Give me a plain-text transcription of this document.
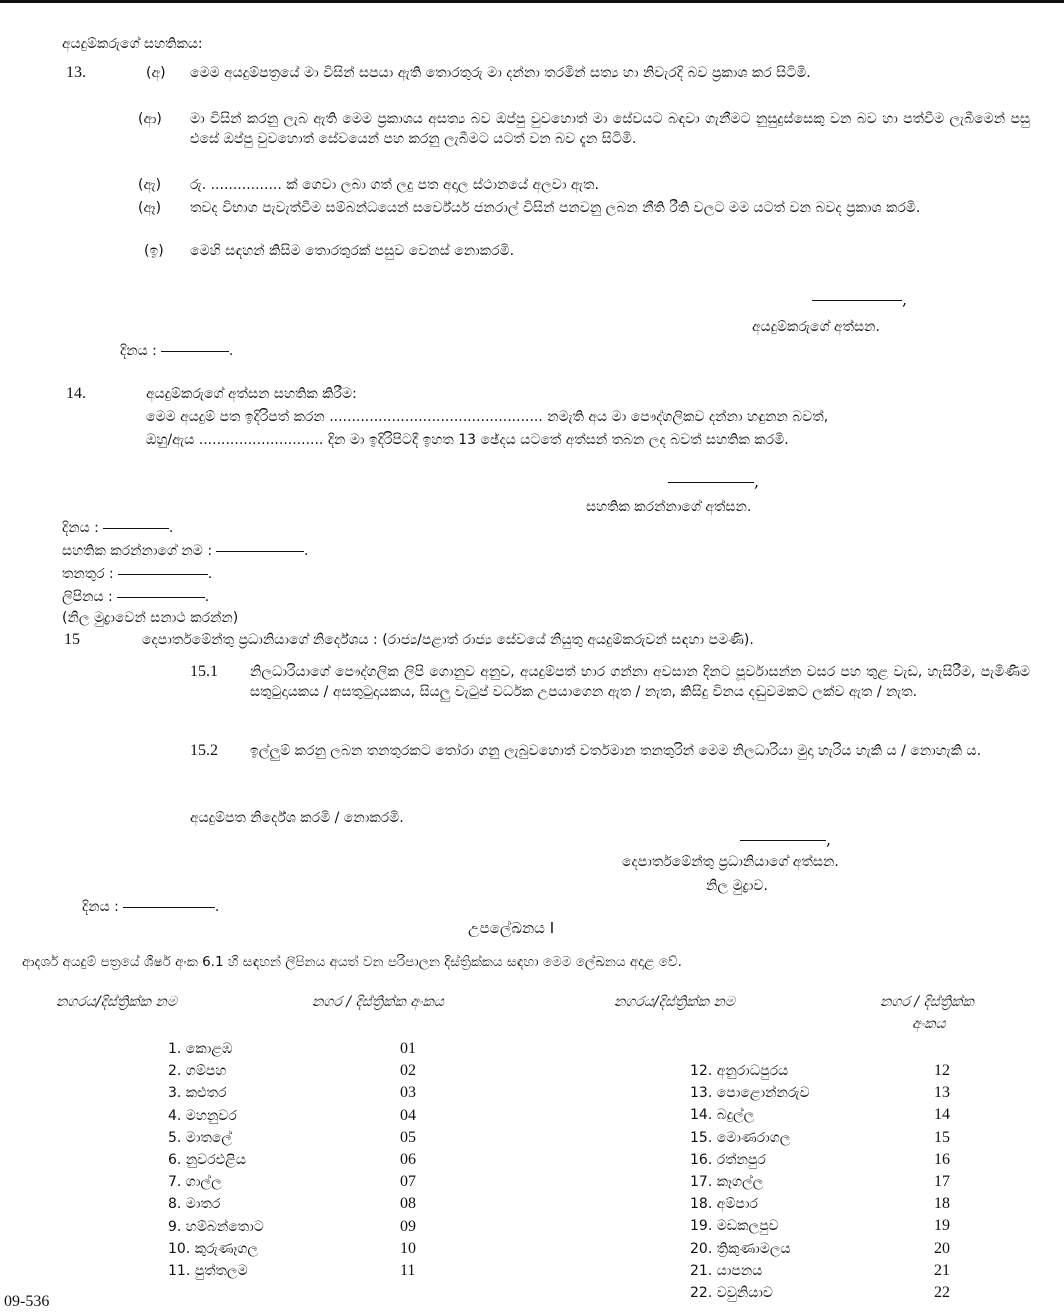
අයදුම්කරුගේ සහතිකය:
13.	(අ) මෙම අයදුම්පත්‍රයේ මා විසින් සපයා ඇති තොරතුරු මා දන්නා තරමින් සත්‍ය හා නිවැරදි බව ප්‍රකාශ කර සිටිමි.
(ආ) මා විසින් කරනු ලැබ ඇති මෙම ප්‍රකාශය අසත්‍ය බව ඔප්පු වුවහොත් මා සේවයට බඳවා ගැනීමට නුසුදුස්සෙකු වන බව හා පත්වීම ලැබීමෙන් පසු එසේ ඔප්පු වුවහොත් සේවයෙන් පහ කරනු ලැබීමට යටත් වන බව දැන සිටිමි.
(ඇ) රු. ................ ක් ගෙවා ලබා ගත් ලදු පත අදාල ස්ථානයේ අලවා ඇත.
(ඈ) තවද විභාග පැවැත්වීම සම්බන්ධයෙන් සර්වේයර් ජනරාල් විසින් පනවනු ලබන නීති රීති වලට මම යටත් වන බවද ප්‍රකාශ කරමි.
(ඉ) මෙහි සඳහන් කිසිම තොරතුරක් පසුව වෙනස් නොකරමි.
,
අයදුම්කරුගේ අත්සන.
දිනය :	.
14.	අයදුම්කරුගේ අත්සන සහතික කිරීම:
මෙම අයදුම් පත ඉදිරිපත් කරන ................................................ නමැති අය මා පෞද්ගලිකව දන්නා හඳුනන බවත්,
ඔහු/ඇය ............................ දින මා ඉදිරිපිටදී ඉහත 13 ඡේදය යටතේ අත්සන් තබන ලද බවත් සහතික කරමි.
,
සහතික කරන්නාගේ අත්සන.
දිනය :	.
සහතික කරන්නාගේ නම :	.
තනතුර :	.
ලිපිනය :	.
(නිල මුද්‍රාවෙන් සනාථ කරන්න)
15	දෙපාර්තමේන්තු ප්‍රධානියාගේ නිර්දේශය : (රාජ්‍ය/පළාත් රාජ්‍ය සේවයේ නියුතු අයදුම්කරුවන් සඳහා පමණි).
15.1 නිලධාරියාගේ පෞද්ගලික ලිපි ගොනුව අනුව, අයදුම්පත් භාර ගන්නා අවසාන දිනට පූර්වාසන්න වසර පහ තුළ වැඩ, හැසිරීම, පැමිණීම සතුටුදායකය / අසතුටුදායකය, සියලු වැටුප් වර්ධක උපයාගෙන ඇත / නැත, කිසිදු විනය දඬුවමකට ලක්ව ඇත / නැත.
15.2 ඉල්ලුම් කරනු ලබන තනතුරකට තෝරා ගනු ලැබුවහොත් වර්තමාන තනතුරින් මෙම නිලධාරියා මුදා හැරිය හැකි ය / නොහැකි ය.
අයදුම්පත නිර්දේශ කරමි / නොකරමි.
,
දෙපාර්තමේන්තු ප්‍රධානියාගේ අත්සන.
නිල මුද්‍රාව.
දිනය :	.
උපලේඛනය I
ආදර්ශ අයදුම් පත්‍රයේ ශීර්ෂ අංක 6.1 හි සඳහන් ලිපිනය අයත් වන පරිපාලන දිස්ත්‍රික්කය සඳහා මෙම ලේඛනය අදාළ වේ.
නගරය/දිස්ත්‍රික්ක නම	නගර / දිස්ත්‍රික්ක අංකය	නගරය/දිස්ත්‍රික්ක නම	නගර / දිස්ත්‍රික්ක
අංකය
1. කොළඹ	01
2. ගම්පහ	02
3. කළුතර	03
4. මහනුවර	04
5. මාතලේ	05
6. නුවරඑළිය	06
7. ගාල්ල	07
8. මාතර	08
9. හම්බන්තොට	09
10. කුරුණෑගල	10
11. පුත්තලම	11
12. අනුරාධපුරය	12
13. පොළොන්නරුව	13
14. බදුල්ල	14
15. මොණරාගල	15
16. රත්නපුර	16
17. කෑගල්ල	17
18. අම්පාර	18
19. මඩකලපුව	19
20. ත්‍රිකුණාමලය	20
21. යාපනය	21
22. වවුනියාව	22
09-536
